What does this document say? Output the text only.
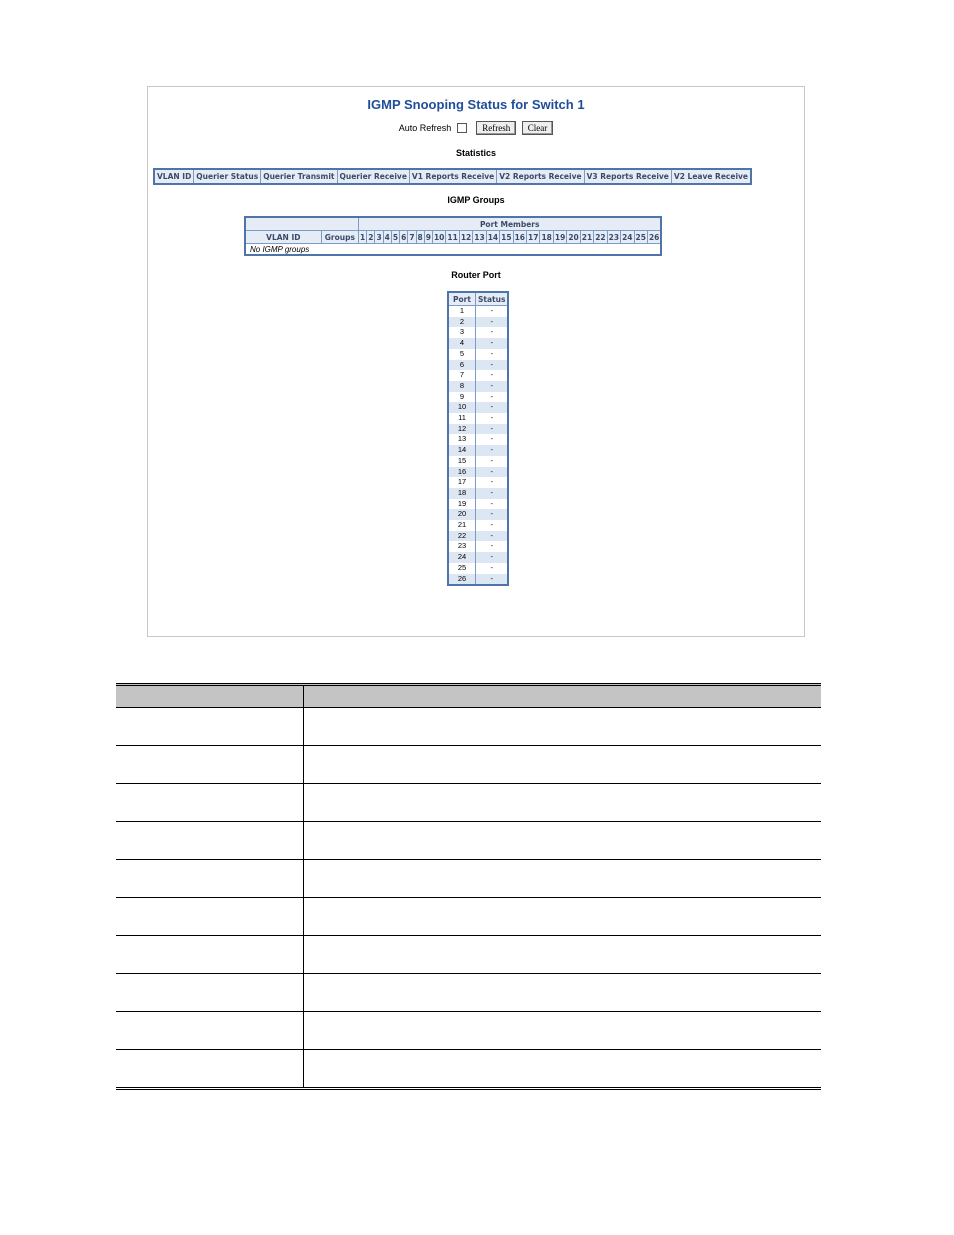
IGMP Snooping Status for Switch 1
Auto Refresh	Refresh Clear
Statistics
VLAN ID	Querier Status	Querier Transmit	Querier Receive	V1 Reports Receive	V2 Reports Receive	V3 Reports Receive	V2 Leave Receive
IGMP Groups
		Port Members																									
VLAN ID	Groups	1	2	3	4	5	6	7	8	9	10	11	12	13	14	15	16	17	18	19	20	21	22	23	24	25	26
No IGMP groups																											
Router Port
Port	Status
1	-
2	-
3	-
4	-
5	-
6	-
7	-
8	-
9	-
10	-
11	-
12	-
13	-
14	-
15	-
16	-
17	-
18	-
19	-
20	-
21	-
22	-
23	-
24	-
25	-
26	-
